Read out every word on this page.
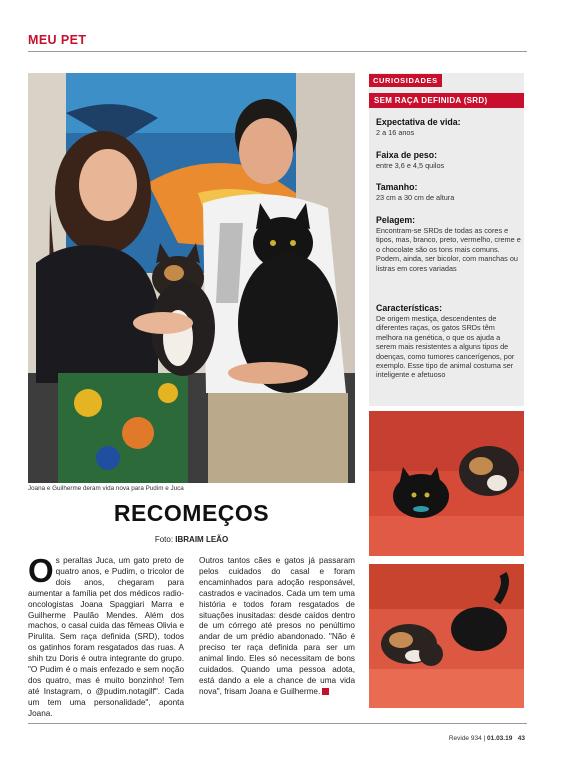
MEU PET
Joana e Guilherme deram vida nova para Pudim e Juca
RECOMEÇOS
Foto: IBRAIM LEÃO
Os peraltas Juca, um gato preto de quatro anos, e Pudim, o tricolor de dois anos, chegaram para aumentar a família pet dos médicos radio-oncologistas Joana Spaggiari Marra e Guilherme Paulão Mendes. Além dos machos, o casal cuida das fêmeas Olivia e Pirulita. Sem raça definida (SRD), todos os gatinhos foram resgatados das ruas. A shih tzu Doris é outra integrante do grupo. "O Pudim é o mais enfezado e sem noção dos quatro, mas é muito bonzinho! Tem até Instagram, o @pudim.notagilf". Cada um tem uma personalidade", aponta Joana.
Outros tantos cães e gatos já passaram pelos cuidados do casal e foram encaminhados para adoção responsável, castrados e vacinados. Cada um tem uma história e todos foram resgatados de situações inusitadas: desde caídos dentro de um córrego até presos no penúltimo andar de um prédio abandonado. "Não é preciso ter raça definida para ser um animal lindo. Eles só necessitam de bons cuidados. Quando uma pessoa adota, está dando a ele a chance de uma vida nova", frisam Joana e Guilherme.
CURIOSIDADES
SEM RAÇA DEFINIDA (SRD)
Expectativa de vida:
2 a 16 anos
Faixa de peso:
entre 3,6 e 4,5 quilos
Tamanho:
23 cm a 30 cm de altura
Pelagem:
Encontram-se SRDs de todas as cores e tipos, mas, branco, preto, vermelho, creme e o chocolate são os tons mais comuns. Podem, ainda, ser bicolor, com manchas ou listras em cores variadas
Características:
De origem mestiça, descendentes de diferentes raças, os gatos SRDs têm melhora na genética, o que os ajuda a serem mais resistentes a alguns tipos de doenças, como tumores cancerígenos, por exemplo. Esse tipo de animal costuma ser inteligente e afetuoso
Revide 934 | 01.03.19 43
